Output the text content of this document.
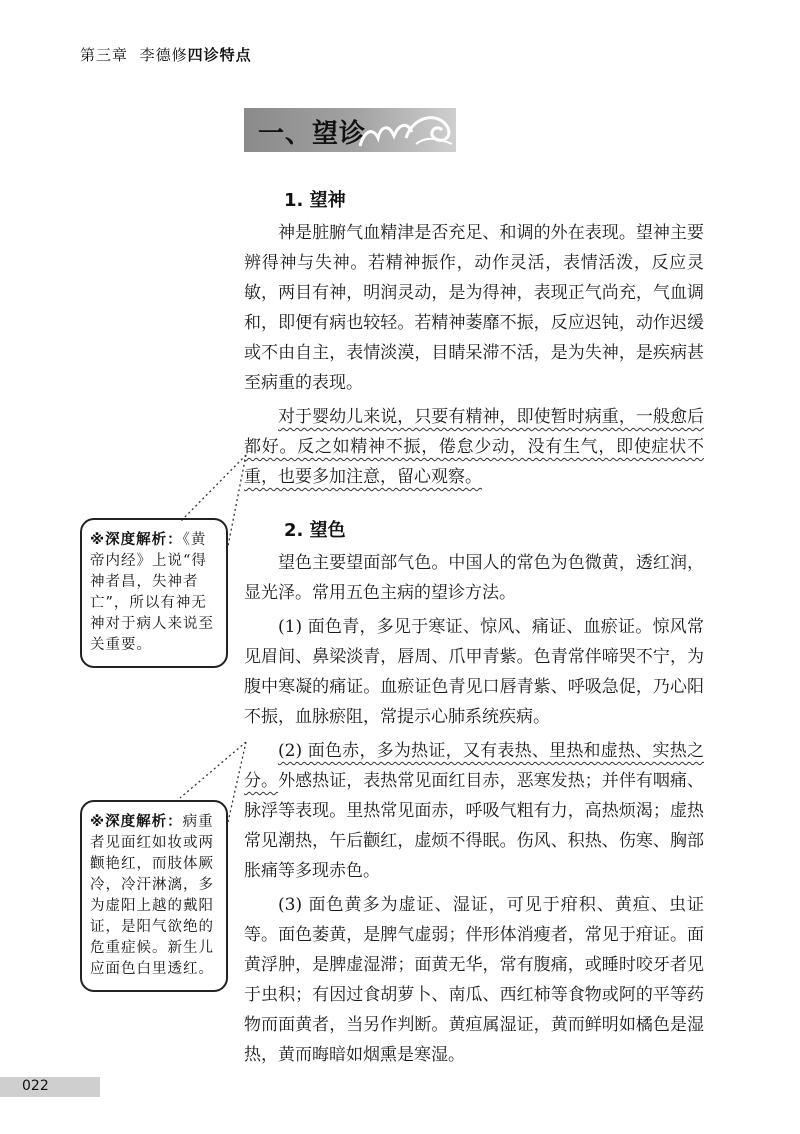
第三章 李德修四诊特点
一、望诊
1. 望神

神是脏腑气血精津是否充足、和调的外在表现。望神主要辨得神与失神。若精神振作，动作灵活，表情活泼，反应灵敏，两目有神，明润灵动，是为得神，表现正气尚充，气血调和，即便有病也较轻。若精神萎靡不振，反应迟钝，动作迟缓或不由自主，表情淡漠，目睛呆滞不活，是为失神，是疾病甚至病重的表现。

对于婴幼儿来说，只要有精神，即使暂时病重，一般愈后都好。反之如精神不振，倦怠少动，没有生气，即使症状不重，也要多加注意，留心观察。

2. 望色

望色主要望面部气色。中国人的常色为色微黄，透红润，显光泽。常用五色主病的望诊方法。

(1) 面色青，多见于寒证、惊风、痛证、血瘀证。惊风常见眉间、鼻梁淡青，唇周、爪甲青紫。色青常伴啼哭不宁，为腹中寒凝的痛证。血瘀证色青见口唇青紫、呼吸急促，乃心阳不振，血脉瘀阻，常提示心肺系统疾病。

(2) 面色赤，多为热证，又有表热、里热和虚热、实热之分。外感热证，表热常见面红目赤，恶寒发热；并伴有咽痛、脉浮等表现。里热常见面赤，呼吸气粗有力，高热烦渴；虚热常见潮热，午后颧红，虚烦不得眠。伤风、积热、伤寒、胸部胀痛等多现赤色。

(3) 面色黄多为虚证、湿证，可见于疳积、黄疸、虫证等。面色萎黄，是脾气虚弱；伴形体消瘦者，常见于疳证。面黄浮肿，是脾虚湿滞；面黄无华，常有腹痛，或睡时咬牙者见于虫积；有因过食胡萝卜、南瓜、西红柿等食物或阿的平等药物而面黄者，当另作判断。黄疸属湿证，黄而鲜明如橘色是湿热，黄而晦暗如烟熏是寒湿。

※深度解析：《黄帝内经》上说“得神者昌，失神者亡”，所以有神无神对于病人来说至关重要。
※深度解析：病重者见面红如妆或两颧艳红，而肢体厥冷，冷汗淋漓，多为虚阳上越的戴阳证，是阳气欲绝的危重症候。新生儿应面色白里透红。
022
